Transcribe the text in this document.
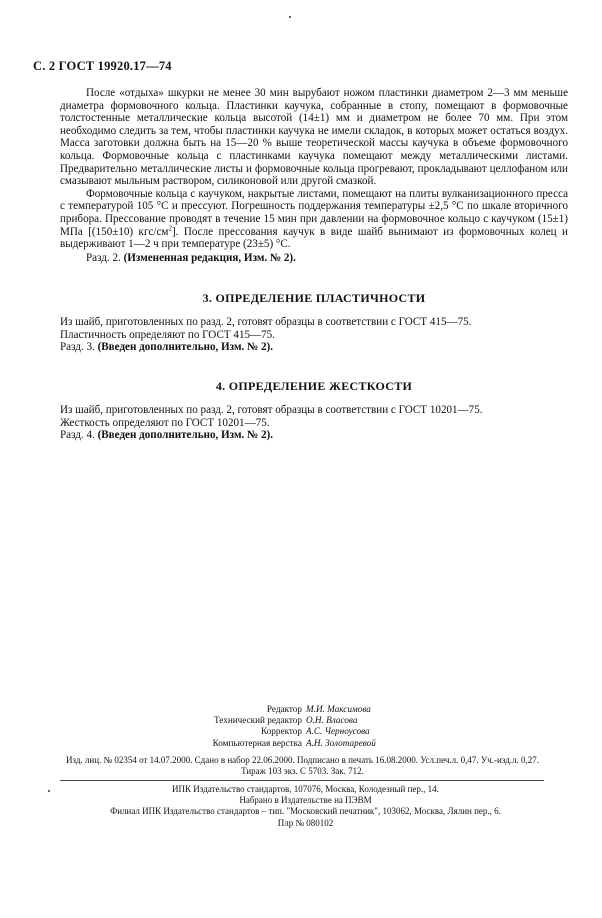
С. 2 ГОСТ 19920.17—74

После «отдыха» шкурки не менее 30 мин вырубают ножом пластинки диаметром 2—3 мм меньше диаметра формовочного кольца. Пластинки каучука, собранные в стопу, помещают в формовочные толстостенные металлические кольца высотой (14±1) мм и диаметром не более 70 мм. При этом необходимо следить за тем, чтобы пластинки каучука не имели складок, в которых может остаться воздух. Масса заготовки должна быть на 15—20 % выше теоретической массы каучука в объеме формовочного кольца. Формовочные кольца с пластинками каучука помещают между металлическими листами. Предварительно металлические листы и формовочные кольца прогревают, прокладывают целлофаном или смазывают мыльным раствором, силиконовой или другой смазкой.

Формовочные кольца с каучуком, накрытые листами, помещают на плиты вулканизационного пресса с температурой 105 °С и прессуют. Погрешность поддержания температуры ±2,5 °С по шкале вторичного прибора. Прессование проводят в течение 15 мин при давлении на формовочное кольцо с каучуком (15±1) МПа [(150±10) кгс/$см^2$]. После прессования каучук в виде шайб вынимают из формовочных колец и выдерживают 1—2 ч при температуре (23±5) °С.

Разд. 2. (Измененная редакция, Изм. № 2).

3. ОПРЕДЕЛЕНИЕ ПЛАСТИЧНОСТИ
Из шайб, приготовленных по разд. 2, готовят образцы в соответствии с ГОСТ 415—75.
Пластичность определяют по ГОСТ 415—75.
Разд. 3. (Введен дополнительно, Изм. № 2).
4. ОПРЕДЕЛЕНИЕ ЖЕСТКОСТИ
Из шайб, приготовленных по разд. 2, готовят образцы в соответствии с ГОСТ 10201—75.
Жесткость определяют по ГОСТ 10201—75.
Разд. 4. (Введен дополнительно, Изм. № 2).
Редактор М.И. Максимова
Технический редактор О.Н. Власова
Корректор А.С. Черноусова
Компьютерная верстка А.Н. Золотаревой
Изд. лиц. № 02354 от 14.07.2000. Сдано в набор 22.06.2000. Подписано в печать 16.08.2000. Усл.печ.л. 0,47. Уч.-изд.л. 0,27.
Тираж 103 экз. С 5703. Зак. 712.
ИПК Издательство стандартов, 107076, Москва, Колодезный пер., 14.
Набрано в Издательстве на ПЭВМ
Филиал ИПК Издательство стандартов – тип. "Московский печатник", 103062, Москва, Лялин пер., 6.
Плр № 080102
